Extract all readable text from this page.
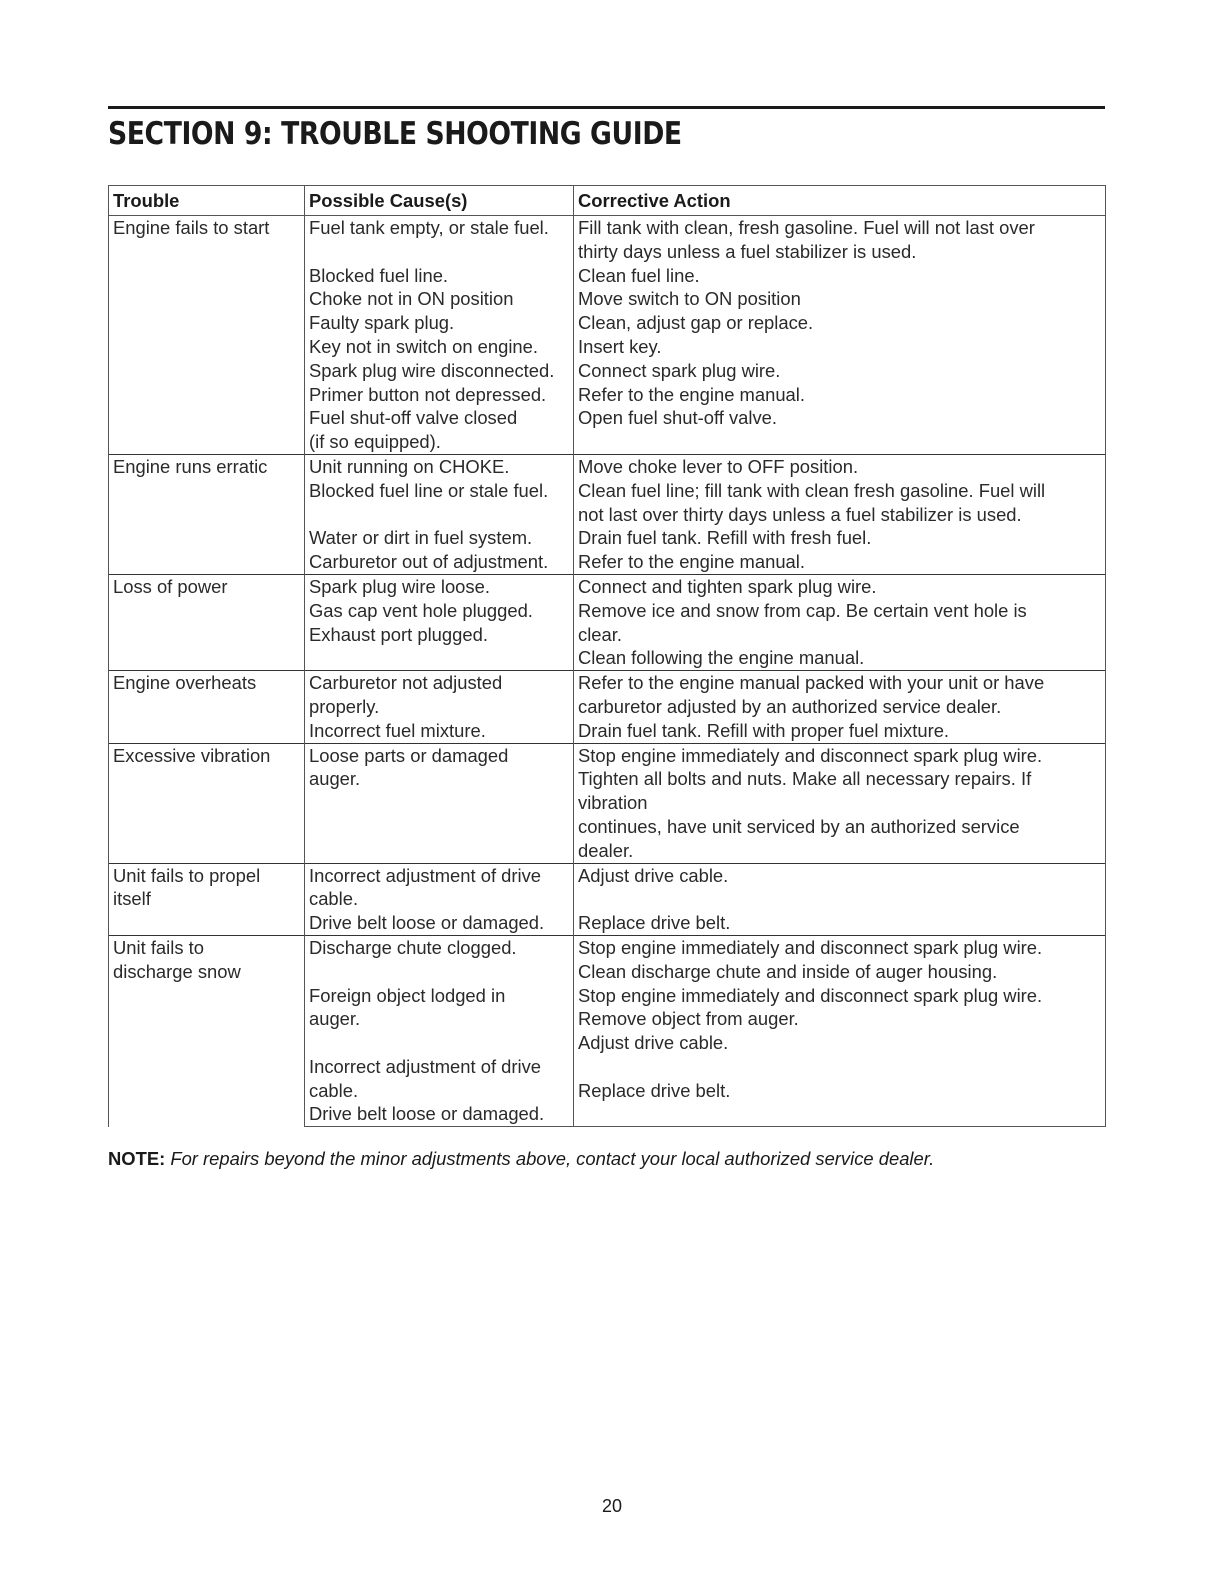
SECTION 9: TROUBLE SHOOTING GUIDE
Trouble	Possible Cause(s)	Corrective Action

Engine fails to start	Fuel tank empty, or stale fuel.	Fill tank with clean, fresh gasoline. Fuel will not last over
		thirty days unless a fuel stabilizer is used.
	Blocked fuel line.	Clean fuel line.
	Choke not in ON position	Move switch to ON position
	Faulty spark plug.	Clean, adjust gap or replace.
	Key not in switch on engine.	Insert key.
	Spark plug wire disconnected.	Connect spark plug wire.
	Primer button not depressed.	Refer to the engine manual.
	Fuel shut-off valve closed	Open fuel shut-off valve.
	(if so equipped).	

Engine runs erratic	Unit running on CHOKE.	Move choke lever to OFF position.
	Blocked fuel line or stale fuel.	Clean fuel line; fill tank with clean fresh gasoline. Fuel will
		not last over thirty days unless a fuel stabilizer is used.
	Water or dirt in fuel system.	Drain fuel tank. Refill with fresh fuel.
	Carburetor out of adjustment.	Refer to the engine manual.

Loss of power	Spark plug wire loose.	Connect and tighten spark plug wire.
	Gas cap vent hole plugged.	Remove ice and snow from cap. Be certain vent hole is
	Exhaust port plugged.	clear.
		Clean following the engine manual.

Engine overheats	Carburetor not adjusted	Refer to the engine manual packed with your unit or have
	properly.	carburetor adjusted by an authorized service dealer.
	Incorrect fuel mixture.	Drain fuel tank. Refill with proper fuel mixture.

Excessive vibration	Loose parts or damaged	Stop engine immediately and disconnect spark plug wire.
	auger.	Tighten all bolts and nuts. Make all necessary repairs. If
		vibration
		continues, have unit serviced by an authorized service
		dealer.

Unit fails to propel
itself	Incorrect adjustment of drive	Adjust drive cable.
	cable.	
	Drive belt loose or damaged.	Replace drive belt.

Unit fails to
discharge snow	Discharge chute clogged.	Stop engine immediately and disconnect spark plug wire.
		Clean discharge chute and inside of auger housing.
	Foreign object lodged in	Stop engine immediately and disconnect spark plug wire.
	auger.	Remove object from auger.
		Adjust drive cable.
	Incorrect adjustment of drive	
	cable.	Replace drive belt.
	Drive belt loose or damaged.	
NOTE: For repairs beyond the minor adjustments above, contact your local authorized service dealer.
20
